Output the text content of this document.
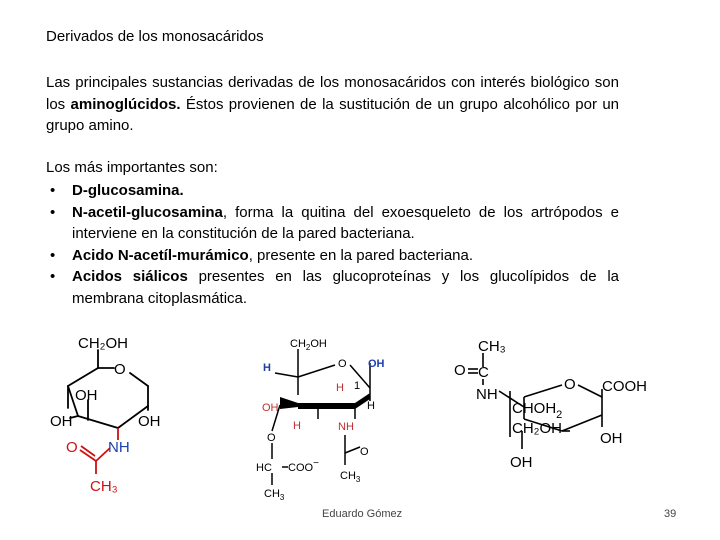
Derivados de los monosacáridos
Las principales sustancias derivadas de los monosacáridos con interés biológico son los aminoglúcidos. Éstos provienen de la sustitución de un grupo alcohólico por un grupo amino.
Los más importantes son:
• D-glucosamina.
• N-acetil-glucosamina, forma la quitina del exoesqueleto de los artrópodos e interviene en la constitución de la pared bacteriana.
• Acido N-acetíl-murámico, presente en la pared bacteriana.
• Acidos siálicos presentes en las glucoproteínas y los glucolípidos de la membrana citoplasmática.
CH₂OH
O
OH
OH	OH
NH
O
CH₃
$CH_2OH$
O OH
H
H 1
H
OH
H	NH
O
O
HC COO−
$CH_3$
$CH_3$
CH₃
O C
NH
$CHOH_2$
CH₂OH
O COOH
OH
OH
Eduardo Gómez	39
